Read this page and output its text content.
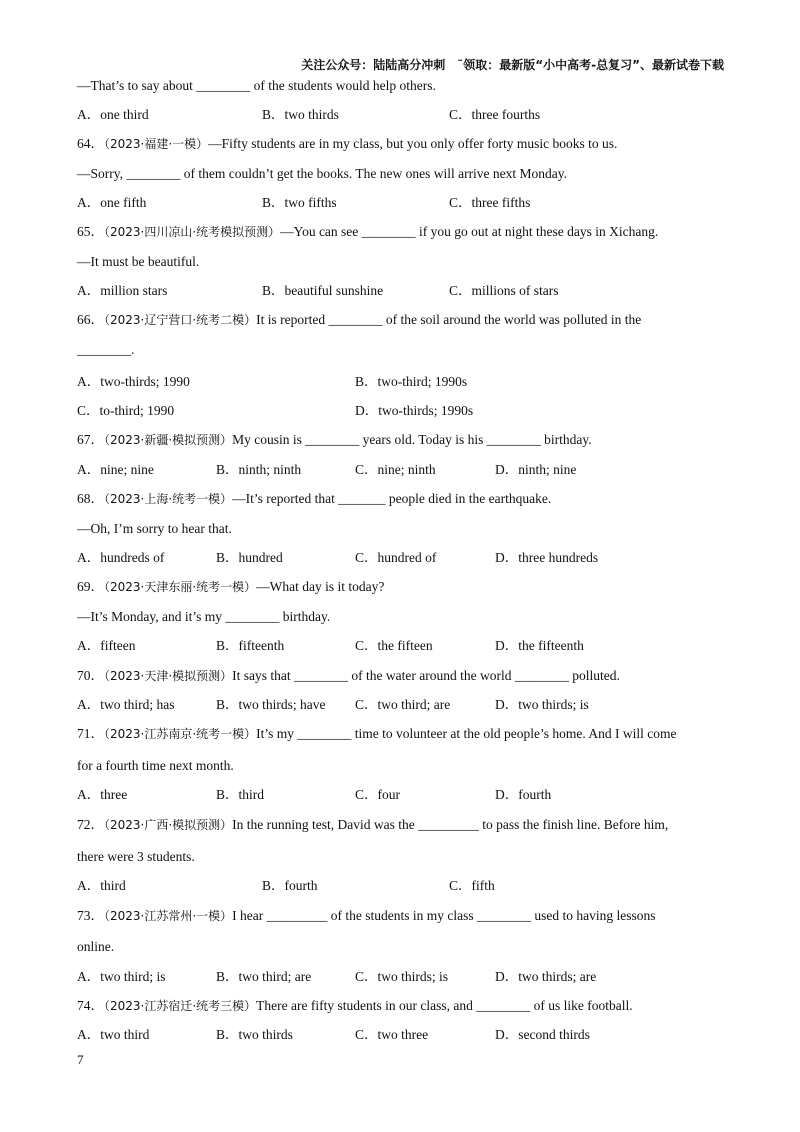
关注公众号：陆陆高分冲刺　˜领取：最新版“小中高考-总复习”、最新试卷下载
—That’s to say about ________ of the students would help others.
A．one third	B．two thirds	C．three fourths
64．（2023·福建·一模）—Fifty students are in my class, but you only offer forty music books to us.
—Sorry, ________ of them couldn’t get the books. The new ones will arrive next Monday.
A．one fifth	B．two fifths	C．three fifths
65．（2023·四川凉山·统考模拟预测）—You can see ________ if you go out at night these days in Xichang.
—It must be beautiful.
A．million stars	B．beautiful sunshine	C．millions of stars
66．（2023·辽宁营口·统考二模）It is reported ________ of the soil around the world was polluted in the
________.
A．two-thirds; 1990	B．two-third; 1990s
C．to-third; 1990	D．two-thirds; 1990s
67．（2023·新疆·模拟预测）My cousin is ________ years old. Today is his ________ birthday.
A．nine; nine	B．ninth; ninth	C．nine; ninth	D．ninth; nine
68．（2023·上海·统考一模）—It’s reported that _______ people died in the earthquake.
—Oh, I’m sorry to hear that.
A．hundreds of	B．hundred	C．hundred of	D．three hundreds
69．（2023·天津东丽·统考一模）—What day is it today?
—It’s Monday, and it’s my ________ birthday.
A．fifteen	B．fifteenth	C．the fifteen	D．the fifteenth
70．（2023·天津·模拟预测）It says that ________ of the water around the world ________ polluted.
A．two third; has	B．two thirds; have C．two third; are	D．two thirds; is
71．（2023·江苏南京·统考一模）It’s my ________ time to volunteer at the old people’s home. And I will come
for a fourth time next month.
A．three	B．third	C．four	D．fourth
72．（2023·广西·模拟预测）In the running test, David was the _________ to pass the finish line. Before him,
there were 3 students.
A．third	B．fourth	C．fifth
73．（2023·江苏常州·一模）I hear _________ of the students in my class ________ used to having lessons
online.
A．two third; is	B．two third; are	C．two thirds; is	D．two thirds; are
74．（2023·江苏宿迁·统考三模）There are fifty students in our class, and ________ of us like football.
A．two third	B．two thirds	C．two three	D．second thirds
7
